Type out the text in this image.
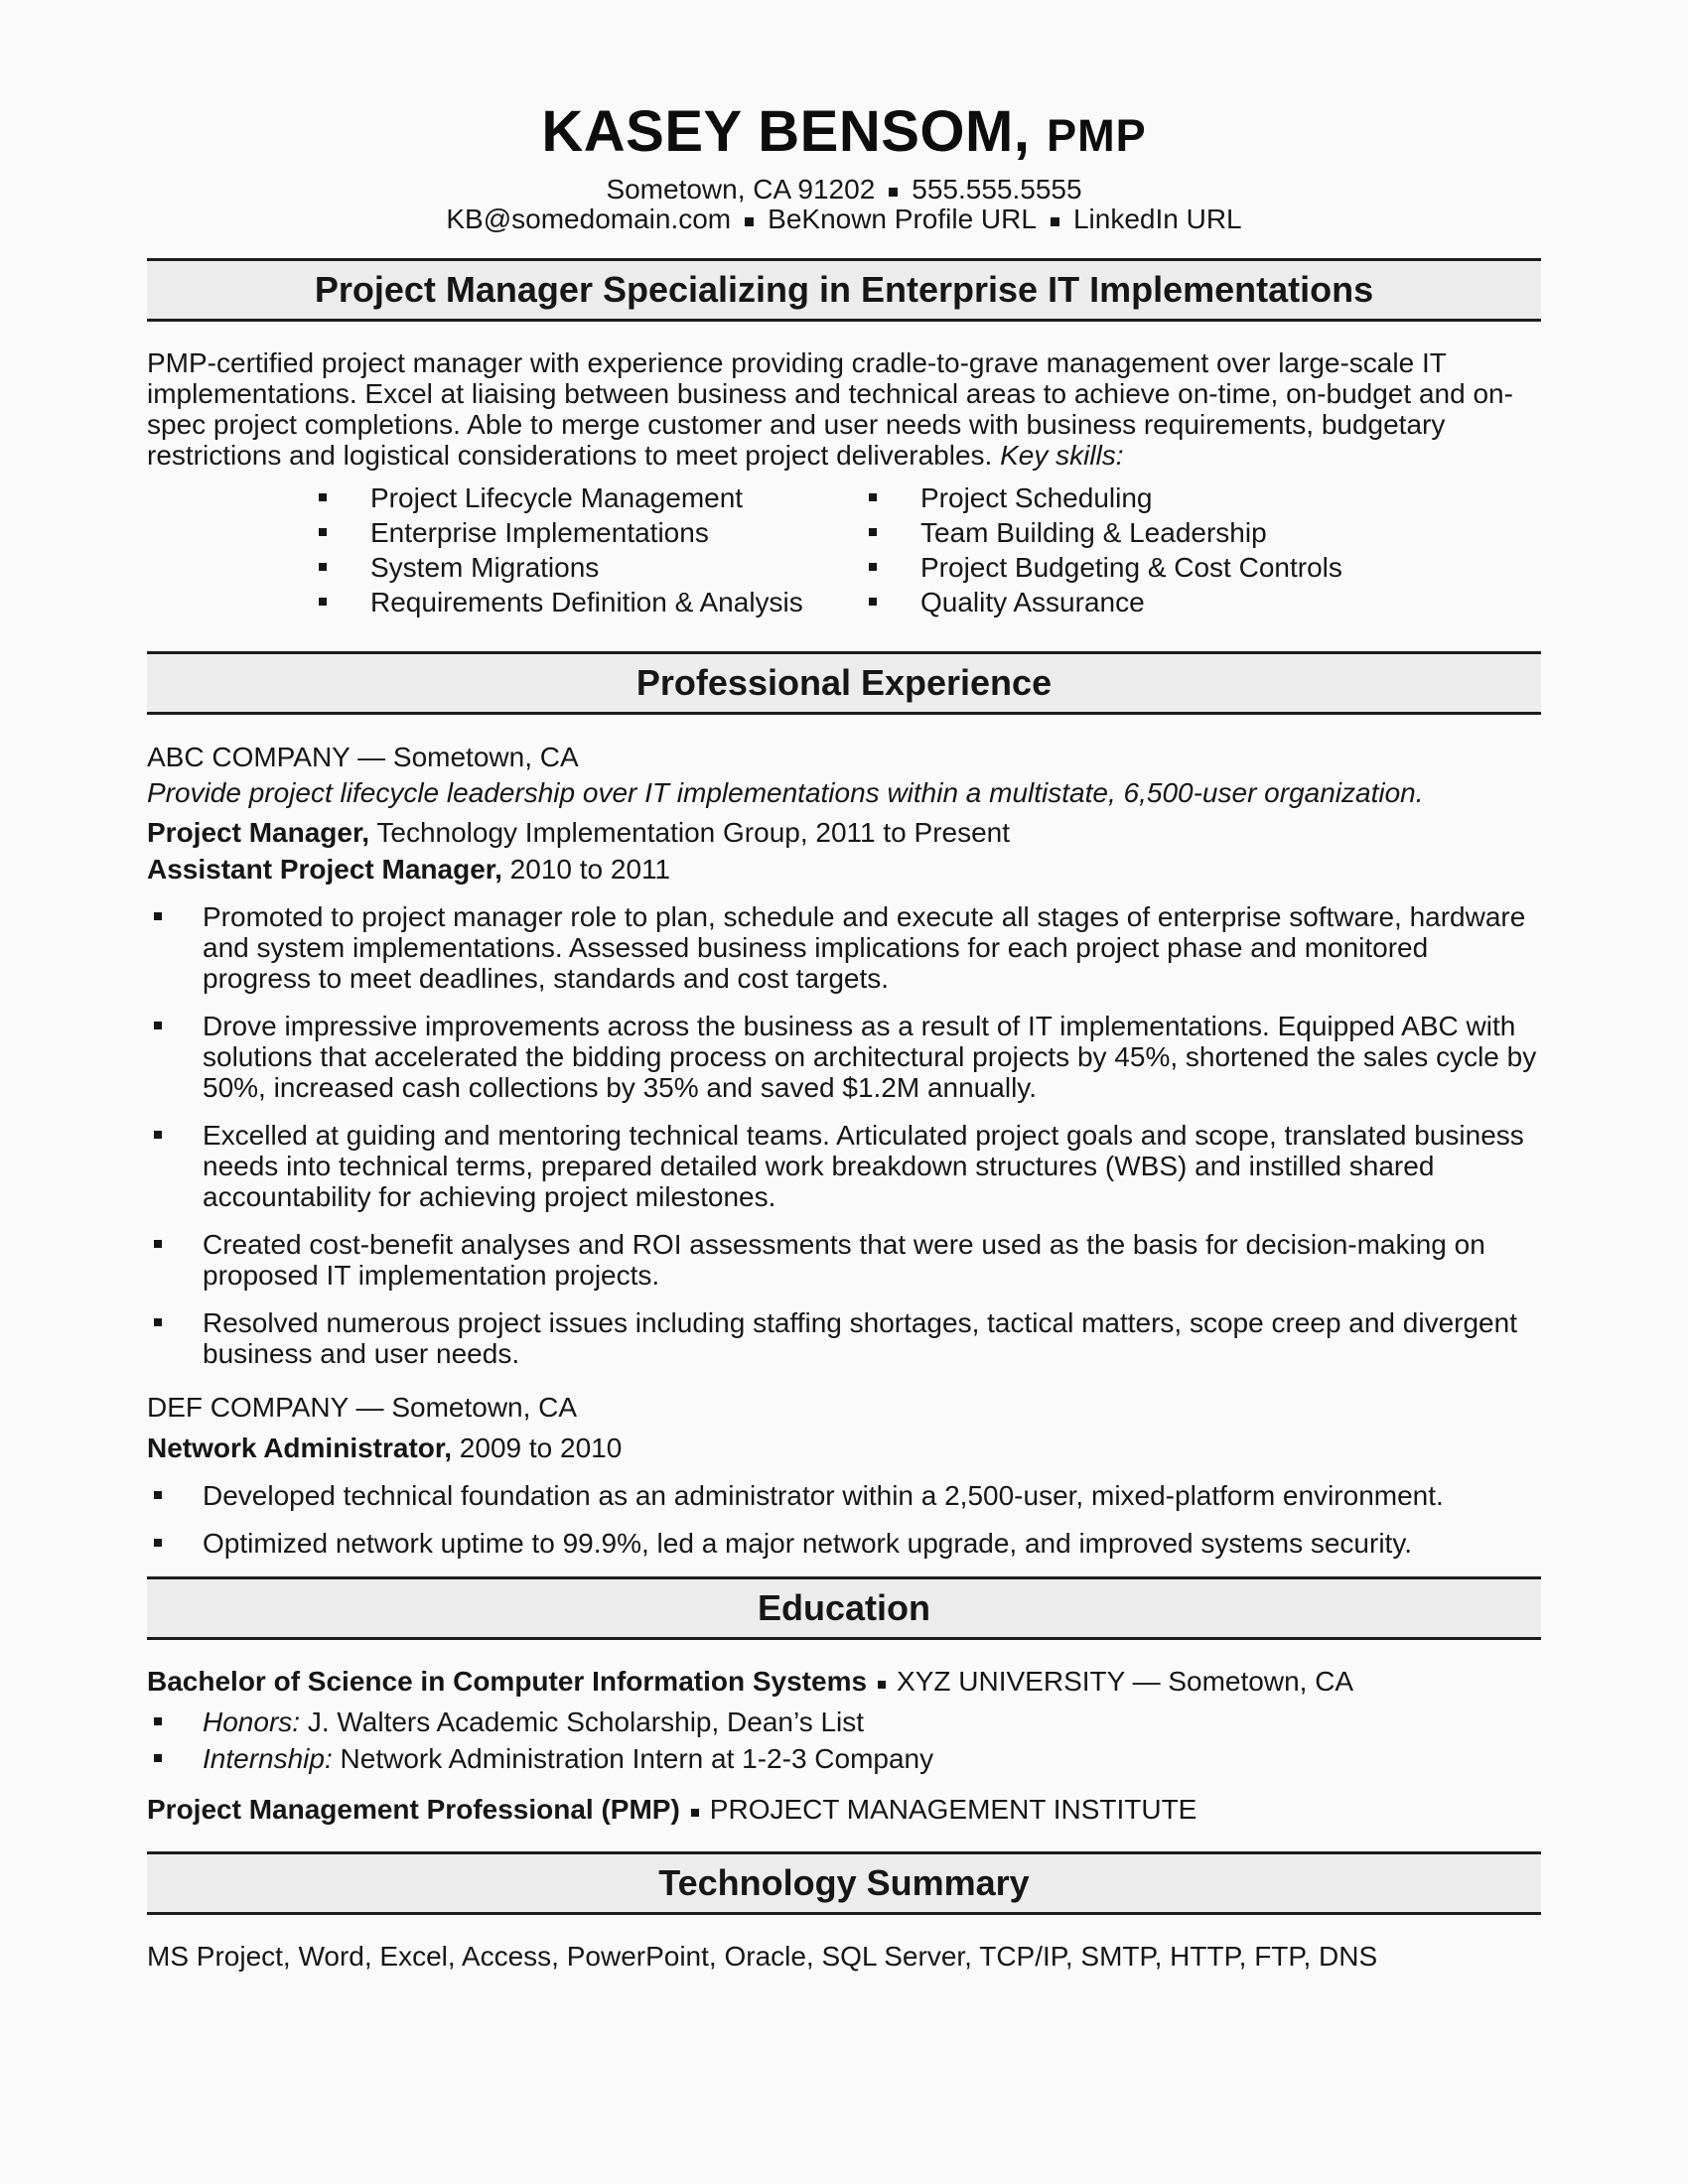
KASEY BENSOM, PMP
Sometown, CA 91202 555.555.5555
KB@somedomain.com BeKnown Profile URL LinkedIn URL
Project Manager Specializing in Enterprise IT Implementations

PMP-certified project manager with experience providing cradle-to-grave management over large-scale IT implementations. Excel at liaising between business and technical areas to achieve on-time, on-budget and on-spec project completions. Able to merge customer and user needs with business requirements, budgetary restrictions and logistical considerations to meet project deliverables. Key skills:

Project Lifecycle Management
Enterprise Implementations
System Migrations
Requirements Definition & Analysis
Project Scheduling
Team Building & Leadership
Project Budgeting & Cost Controls
Quality Assurance
Professional Experience

ABC COMPANY — Sometown, CA

Provide project lifecycle leadership over IT implementations within a multistate, 6,500-user organization.

Project Manager, Technology Implementation Group, 2011 to Present

Assistant Project Manager, 2010 to 2011

Promoted to project manager role to plan, schedule and execute all stages of enterprise software, hardware and system implementations. Assessed business implications for each project phase and monitored progress to meet deadlines, standards and cost targets.
Drove impressive improvements across the business as a result of IT implementations. Equipped ABC with solutions that accelerated the bidding process on architectural projects by 45%, shortened the sales cycle by 50%, increased cash collections by 35% and saved $1.2M annually.
Excelled at guiding and mentoring technical teams. Articulated project goals and scope, translated business needs into technical terms, prepared detailed work breakdown structures (WBS) and instilled shared accountability for achieving project milestones.
Created cost-benefit analyses and ROI assessments that were used as the basis for decision-making on proposed IT implementation projects.
Resolved numerous project issues including staffing shortages, tactical matters, scope creep and divergent business and user needs.

DEF COMPANY — Sometown, CA

Network Administrator, 2009 to 2010

Developed technical foundation as an administrator within a 2,500-user, mixed-platform environment.
Optimized network uptime to 99.9%, led a major network upgrade, and improved systems security.
Education

Bachelor of Science in Computer Information Systems XYZ UNIVERSITY — Sometown, CA

Honors: J. Walters Academic Scholarship, Dean’s List
Internship: Network Administration Intern at 1-2-3 Company

Project Management Professional (PMP) PROJECT MANAGEMENT INSTITUTE

Technology Summary

MS Project, Word, Excel, Access, PowerPoint, Oracle, SQL Server, TCP/IP, SMTP, HTTP, FTP, DNS
